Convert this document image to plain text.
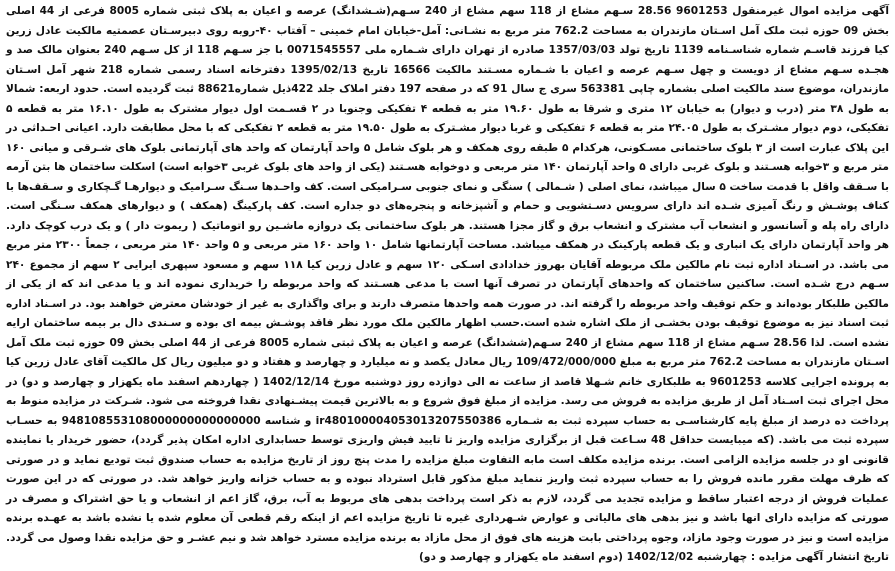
آگهی مزایده اموال غیرمنقول 9601253 28.56 سـهم مشاع از 118 سهم مشاع از 240 سـهم(شـشدانگ) عرصه و اعیان به پلاک ثبتی شماره 8005 فرعی از 44 اصلی بخش 09 حوزه ثبت ملک آمل اسـتان مازندران به مساحت 762.2 متر مربع به نشـانی: آمل-خیابان امام خمینی – آفتاب ۴۰-روبه روی دبیرسـتان عصمتیه مالکیت عادل زرین کیا فرزند قاسـم شماره شناسـنامه 1139 تاریخ تولد 1357/03/03 صادره از تهران دارای شـماره ملی 0071545557 با جز سـهم 118 از کل سـهم 240 بعنوان مالک صد و هجـده سـهم مشاع از دویست و چهل سـهم عرصه و اعیان با شـماره مسـتند مالکیت 16566 تاریخ 1395/02/13 دفترخانه اسناد رسمی شماره 218 شهر آمل اسـتان مازندران، موضوع سند مالکیت اصلی بشماره چاپی 563381 سری ج سال 91 که در صفحه 197 دفتر املاک جلد 422ذیل شماره88621 ثبت گردیده است. حدود اربعه: شمالا به طول ۳۸ متر (درب و دیوار) به خیابان ۱۲ متری و شرقا به طول ۱۹.۶۰ متر به قطعه ۴ تفکیکی وجنوبا در ۲ قسـمت اول دیوار مشترک به طول ۱۶.۱۰ متر به قطعه ۵ تفکیکی، دوم دیوار مشـترک به طول ۲۴.۰۵ متر به قطعه ۶ تفکیکی و غربا دیوار مشـترک به طول ۱۹.۵۰ متر به قطعه ۲ تفکیکی که با محل مطابقت دارد. اعیانی احـداثی در این پلاک عبارت است از ۳ بلوک ساختمانی مسـکونی، هرکدام ۵ طبقه روی همکف و هر بلوک شامل ۵ واحد آپارتمان که واحد های آپارتمانی بلوک های شـرقی و میانی ۱۶۰ متر مربع و ۳خوابه هسـتند و بلوک غربی دارای ۵ واحد آپارتمان ۱۴۰ متر مربعی و دوخوابه هسـتند (یکی از واحد های بلوک غربی ۳خوابه است) اسکلت ساختمان ها بتن آرمه با سـقف واقل با قدمت ساخت ۵ سال میباشد، نمای اصلی ( شـمالی ) سنگی و نمای جنوبی سـرامیکی است. کف واحـدها سـنگ سـرامیک و دیوارهـا گـچکاری و سـقف‌ها با کناف پوشـش و رنگ آمیزی شـده اند دارای سرویس دسـتشویی و حمام و آشپزخانه و پنجره‌های دو جداره است. کف پارکینگ (همکف ) و دیوارهای همکف سـنگی است. دارای راه پله و آسانسور و انشعاب آب مشترک و انشعاب برق و گاز مجزا هستند. هر بلوک ساختمانی یک دروازه ماشـین رو اتوماتیک ( ریموت دار ) و یک درب کوچک دارد. هر واحد آپارتمان دارای یک انباری و یک قطعه پارکینک در همکف میباشد. مساحت آپارتمانها شامل ۱۰ واحد ۱۶۰ متر مربعی و ۵ واحد ۱۴۰ متر مربعی ، جمعاً ۲۳۰۰ متر مربع می باشد. در اسـناد اداره ثبت نام مالکین ملک مربوطه آقایان بهروز خدادادی اسـکی ۱۲۰ سهم و عادل زرین کیا ۱۱۸ سهم و مسعود سپهری ایرایی ۲ سهم از مجموع ۲۴۰ سـهم درج شـده است. ساکنین ساختمان که واحدهای آپارتمان در تصرف آنها است با مدعی هسـتند که واحد مربوطه را خریداری نموده اند و یا مدعی اند که از یکی از مالکین طلبکار بوده‌اند و حکم توقیف واحد مربوطه را گرفته اند. در صورت همه واحدها متصرف دارند و برای واگذاری به غیر از خودشان معترض خواهند بود. در اسـناد اداره ثبت اسناد نیز به موضوع توقیف بودن بخشـی از ملک اشاره شده است.حسب اظهار مالکین ملک مورد نظر فاقد پوشـش بیمه ای بوده و سـندی دال بر بیمه ساختمان ارایه نشده است. لذا 28.56 سـهم مشاع از 118 سهم مشاع از 240 سـهم(ششدانگ) عرصه و اعیان به پلاک ثبتی شماره 8005 فرعی از 44 اصلی بخش 09 حوزه ثبت ملک آمل اسـتان مازندران به مساحت 762.2 متر مربع به مبلغ 109/472/000/000 ریال معادل یکصد و نه میلیارد و چهارصد و هفتاد و دو میلیون ریال کل مالکیت آقای عادل زرین کیا به پرونده اجرایی کلاسه 9601253 به طلبکاری خانم شـهلا قاصد از ساعت نه الی دوازده روز دوشنبه مورخ 1402/12/14 ( چهاردهم اسفند ماه یکهزار و چهارصد و دو) در محل اجرای ثبت اسـناد آمل از طریق مزایده به فروش می رسد. مزایده از مبلغ فوق شروع و به بالاترین قیمت پیشـنهادی نقدا فروخته می شود. شـرکت در مزایده منوط به پرداخت ده درصد از مبلغ پایه کارشناسـی به حساب سپرده ثبت به شـماره ir480100004053013207550386 و شناسه 948108553108000000000000000 به حسـاب سپرده ثبت می باشد. (که میبایست حداقل 48 سـاعت قبل از برگزاری مزایده واریز تا تایید فیش واریزی توسط حسابداری اداره امکان پذیر گردد)، حضور خریدار یا نماینده قانونی او در جلسه مزایده الزامی است. برنده مزایده مکلف است مابه التفاوت مبلغ مزایده را مدت پنج روز از تاریخ مزایده به حساب صندوق ثبت تودیع نماید و در صورتی که ظرف مهلت مقرر مانده فروش را به حساب سپرده ثبت واریز ننماید مبلغ مذکور قابل استرداد نبوده و به حساب خزانه واریز خواهد شد. در صورتی که در این صورت عملیات فروش از درجه اعتبار ساقط و مزایده تجدید می گردد، لازم به ذکر است پرداخت بدهی های مربوط به آب، برق، گاز اعم از انشعاب و یا حق اشتراک و مصرف در صورتی که مزایده دارای انها باشد و نیز بدهی های مالیاتی و عوارض شـهرداری غیره تا تاریخ مزایده اعم از اینکه رقم قطعی آن معلوم شده یا نشده باشد به عهـده برنده مزایده است و نیز در صورت وجود مازاد، وجوه پرداختی بابت هزینه های فوق از محل مازاد به برنده مزایده مسترد خواهد شد و نیم عشـر و حق مزایده نقدا وصول می گردد. تاریخ انتشار آگهی مزایده : چهارشنبه 1402/12/02 (دوم اسفند ماه یکهزار و چهارصد و دو)
